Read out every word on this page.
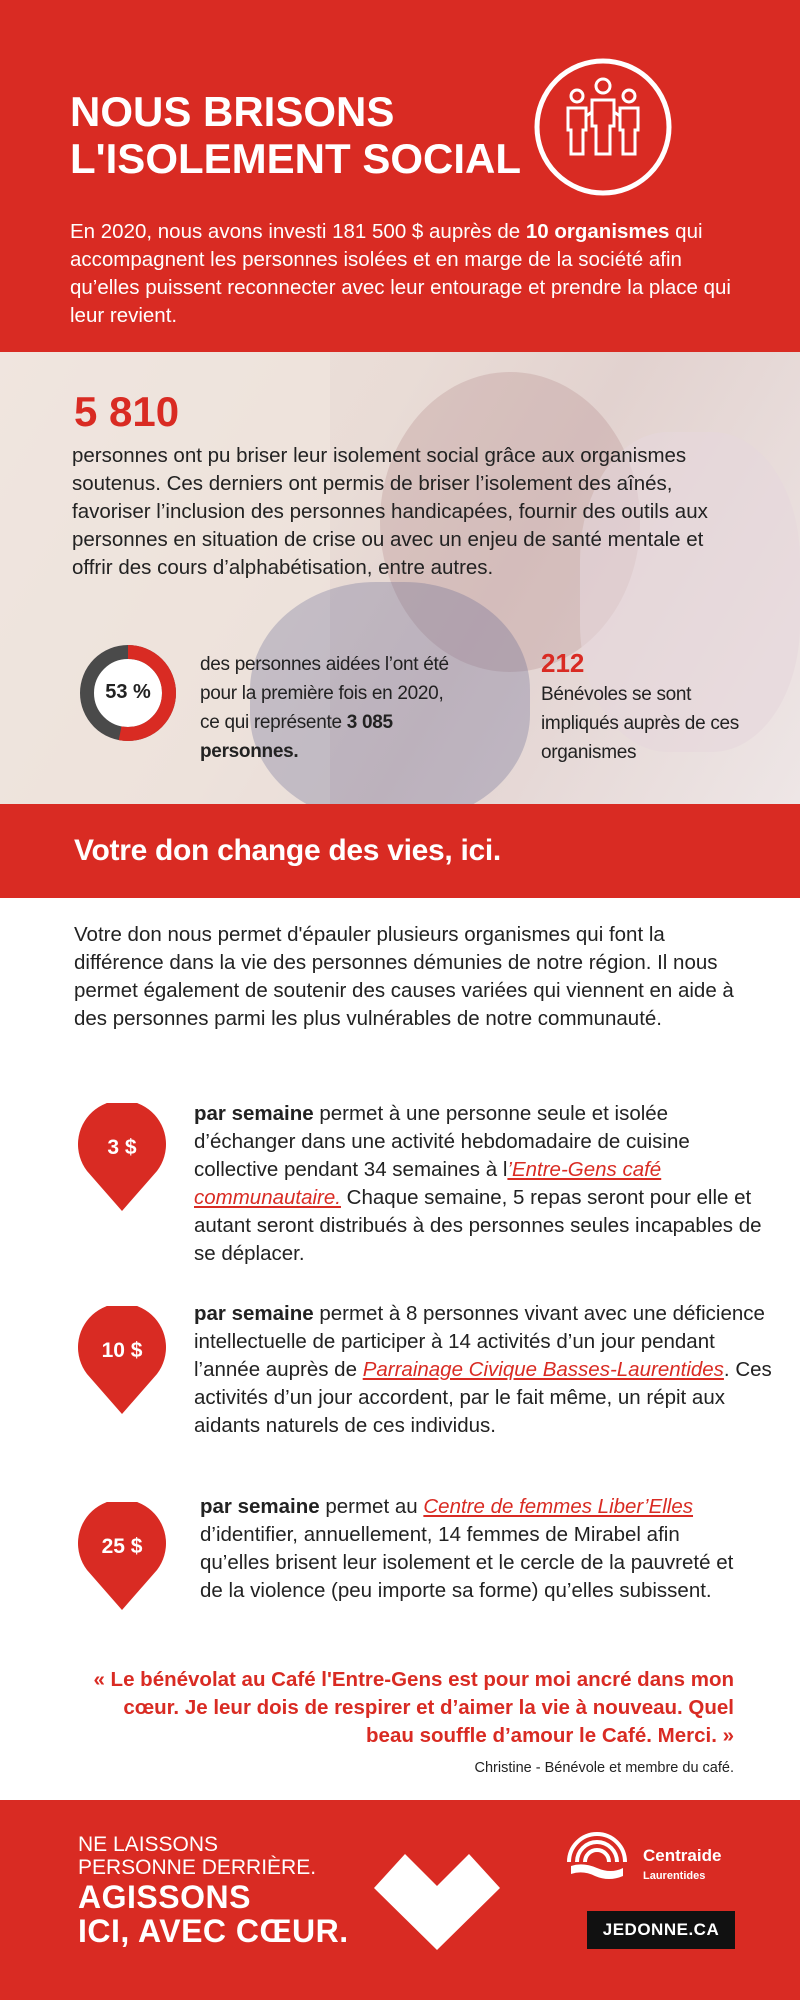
NOUS BRISONS
L'ISOLEMENT SOCIAL

En 2020, nous avons investi 181 500 $ auprès de 10 organismes qui accompagnent les personnes isolées et en marge de la société afin qu’elles puissent reconnecter avec leur entourage et prendre la place qui leur revient.

5 810

personnes ont pu briser leur isolement social grâce aux organismes soutenus. Ces derniers ont permis de briser l’isolement des aînés, favoriser l’inclusion des personnes handicapées, fournir des outils aux personnes en situation de crise ou avec un enjeu de santé mentale et offrir des cours d’alphabétisation, entre autres.

53 %

des personnes aidées l’ont été pour la première fois en 2020, ce qui représente 3 085 personnes.

212

Bénévoles se sont impliqués auprès de ces organismes

Votre don change des vies, ici.

Votre don nous permet d'épauler plusieurs organismes qui font la différence dans la vie des personnes démunies de notre région. Il nous permet également de soutenir des causes variées qui viennent en aide à des personnes parmi les plus vulnérables de notre communauté.

3 $

par semaine permet à une personne seule et isolée d’échanger dans une activité hebdomadaire de cuisine collective pendant 34 semaines à l’Entre-Gens café communautaire. Chaque semaine, 5 repas seront pour elle et autant seront distribués à des personnes seules incapables de se déplacer.

10 $

par semaine permet à 8 personnes vivant avec une déficience intellectuelle de participer à 14 activités d’un jour pendant l’année auprès de Parrainage Civique Basses-Laurentides. Ces activités d’un jour accordent, par le fait même, un répit aux aidants naturels de ces individus.

25 $

par semaine permet au Centre de femmes Liber’Elles d’identifier, annuellement, 14 femmes de Mirabel afin qu’elles brisent leur isolement et le cercle de la pauvreté et de la violence (peu importe sa forme) qu’elles subissent.

« Le bénévolat au Café l'Entre-Gens est pour moi ancré dans mon cœur. Je leur dois de respirer et d’aimer la vie à nouveau. Quel beau souffle d’amour le Café. Merci. »

Christine - Bénévole et membre du café.
NE LAISSONS
PERSONNE DERRIÈRE.
AGISSONS
ICI, AVEC CŒUR.
Centraide
Laurentides
JEDONNE.CA
